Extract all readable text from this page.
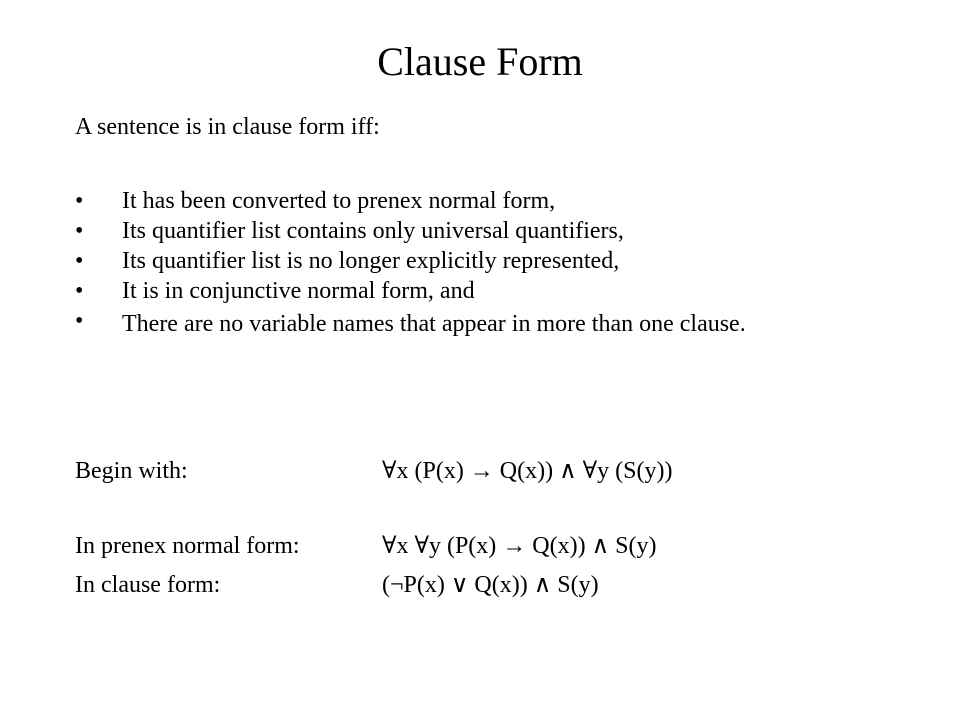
Clause Form
A sentence is in clause form iff:
• It has been converted to prenex normal form,
• Its quantifier list contains only universal quantifiers,
• Its quantifier list is no longer explicitly represented,
• It is in conjunctive normal form, and
• There are no variable names that appear in more than one clause.
Begin with:	∀x (P(x) → Q(x)) ∧ ∀y (S(y))
In prenex normal form:	∀x ∀y (P(x) → Q(x)) ∧ S(y)
In clause form:	(¬P(x) ∨ Q(x)) ∧ S(y)
